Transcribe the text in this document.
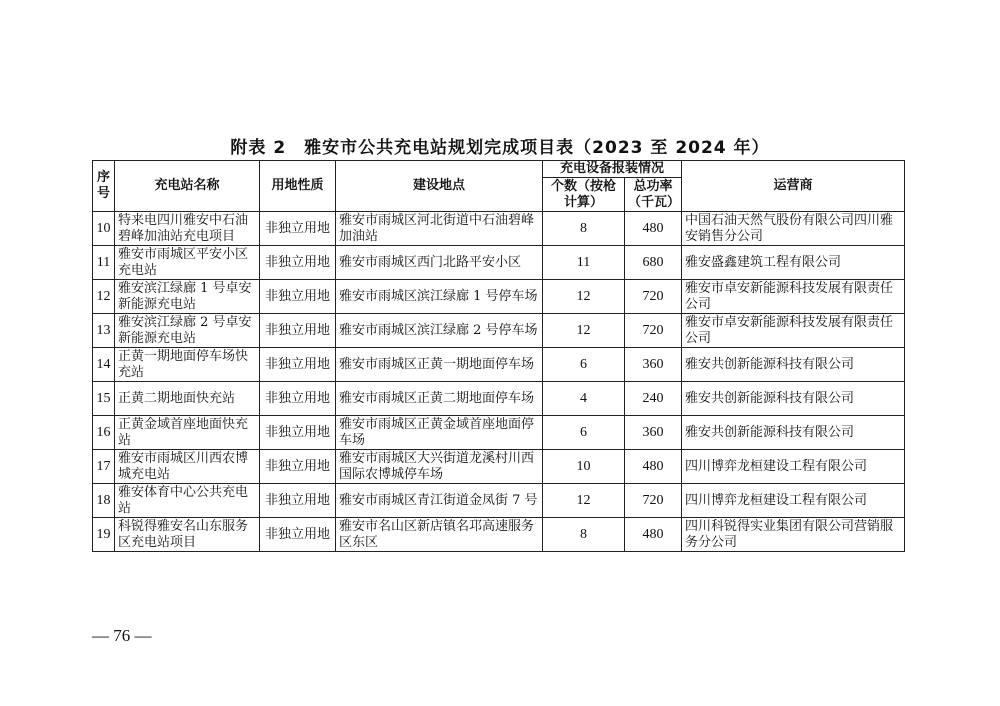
附表 2　雅安市公共充电站规划完成项目表（2023 至 2024 年）
序号	充电站名称	用地性质	建设地点	充电设备报装情况		运营商
				个数（按枪计算）	总功率（千瓦）	
10	特来电四川雅安中石油碧峰加油站充电项目	非独立用地	雅安市雨城区河北街道中石油碧峰加油站	8	480	中国石油天然气股份有限公司四川雅安销售分公司
11	雅安市雨城区平安小区充电站	非独立用地	雅安市雨城区西门北路平安小区	11	680	雅安盛鑫建筑工程有限公司
12	雅安滨江绿廊 1 号卓安新能源充电站	非独立用地	雅安市雨城区滨江绿廊 1 号停车场	12	720	雅安市卓安新能源科技发展有限责任公司
13	雅安滨江绿廊 2 号卓安新能源充电站	非独立用地	雅安市雨城区滨江绿廊 2 号停车场	12	720	雅安市卓安新能源科技发展有限责任公司
14	正黄一期地面停车场快充站	非独立用地	雅安市雨城区正黄一期地面停车场	6	360	雅安共创新能源科技有限公司
15	正黄二期地面快充站	非独立用地	雅安市雨城区正黄二期地面停车场	4	240	雅安共创新能源科技有限公司
16	正黄金域首座地面快充站	非独立用地	雅安市雨城区正黄金域首座地面停车场	6	360	雅安共创新能源科技有限公司
17	雅安市雨城区川西农博城充电站	非独立用地	雅安市雨城区大兴街道龙溪村川西国际农博城停车场	10	480	四川博弈龙桓建设工程有限公司
18	雅安体育中心公共充电站	非独立用地	雅安市雨城区青江街道金凤街 7 号	12	720	四川博弈龙桓建设工程有限公司
19	科锐得雅安名山东服务区充电站项目	非独立用地	雅安市名山区新店镇名邛高速服务区东区	8	480	四川科锐得实业集团有限公司营销服务分公司
— 76 —
